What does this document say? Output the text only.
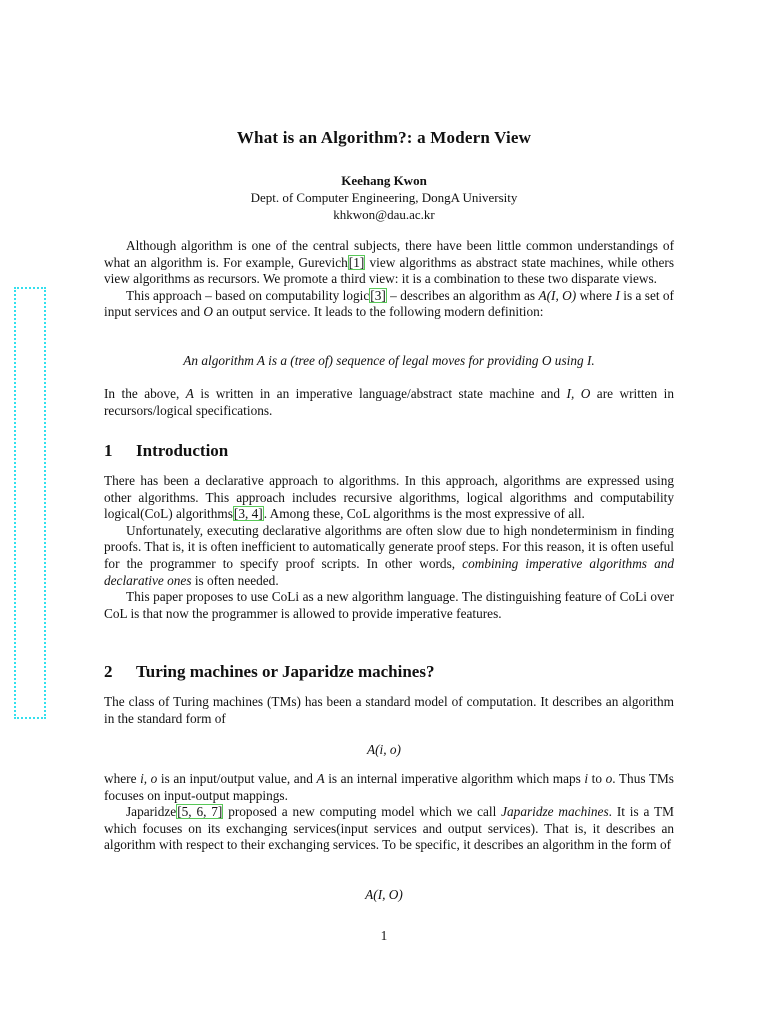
What is an Algorithm?: a Modern View
Keehang Kwon
Dept. of Computer Engineering, DongA University
khkwon@dau.ac.kr

Although algorithm is one of the central subjects, there have been little common understandings of what an algorithm is. For example, Gurevich[1] view algorithms as abstract state machines, while others view algorithms as recursors. We promote a third view: it is a combination to these two disparate views.

This approach – based on computability logic[3] – describes an algorithm as A(I, O) where I is a set of input services and O an output service. It leads to the following modern definition:

An algorithm A is a (tree of) sequence of legal moves for providing O using I.

In the above, A is written in an imperative language/abstract state machine and I, O are written in recursors/logical specifications.

1 Introduction

There has been a declarative approach to algorithms. In this approach, algorithms are expressed using other algorithms. This approach includes recursive algorithms, logical algorithms and computability logical(CoL) algorithms[3, 4]. Among these, CoL algorithms is the most expressive of all.

Unfortunately, executing declarative algorithms are often slow due to high nondeterminism in finding proofs. That is, it is often inefficient to automatically generate proof steps. For this reason, it is often useful for the programmer to specify proof scripts. In other words, combining imperative algorithms and declarative ones is often needed.

This paper proposes to use CoLi as a new algorithm language. The distinguishing feature of CoLi over CoL is that now the programmer is allowed to provide imperative features.

2 Turing machines or Japaridze machines?

The class of Turing machines (TMs) has been a standard model of computation. It describes an algorithm in the standard form of

A(i, o)

where i, o is an input/output value, and A is an internal imperative algorithm which maps i to o. Thus TMs focuses on input-output mappings.

Japaridze[5, 6, 7] proposed a new computing model which we call Japaridze machines. It is a TM which focuses on its exchanging services(input services and output services). That is, it describes an algorithm with respect to their exchanging services. To be specific, it describes an algorithm in the form of

A(I, O)
1
